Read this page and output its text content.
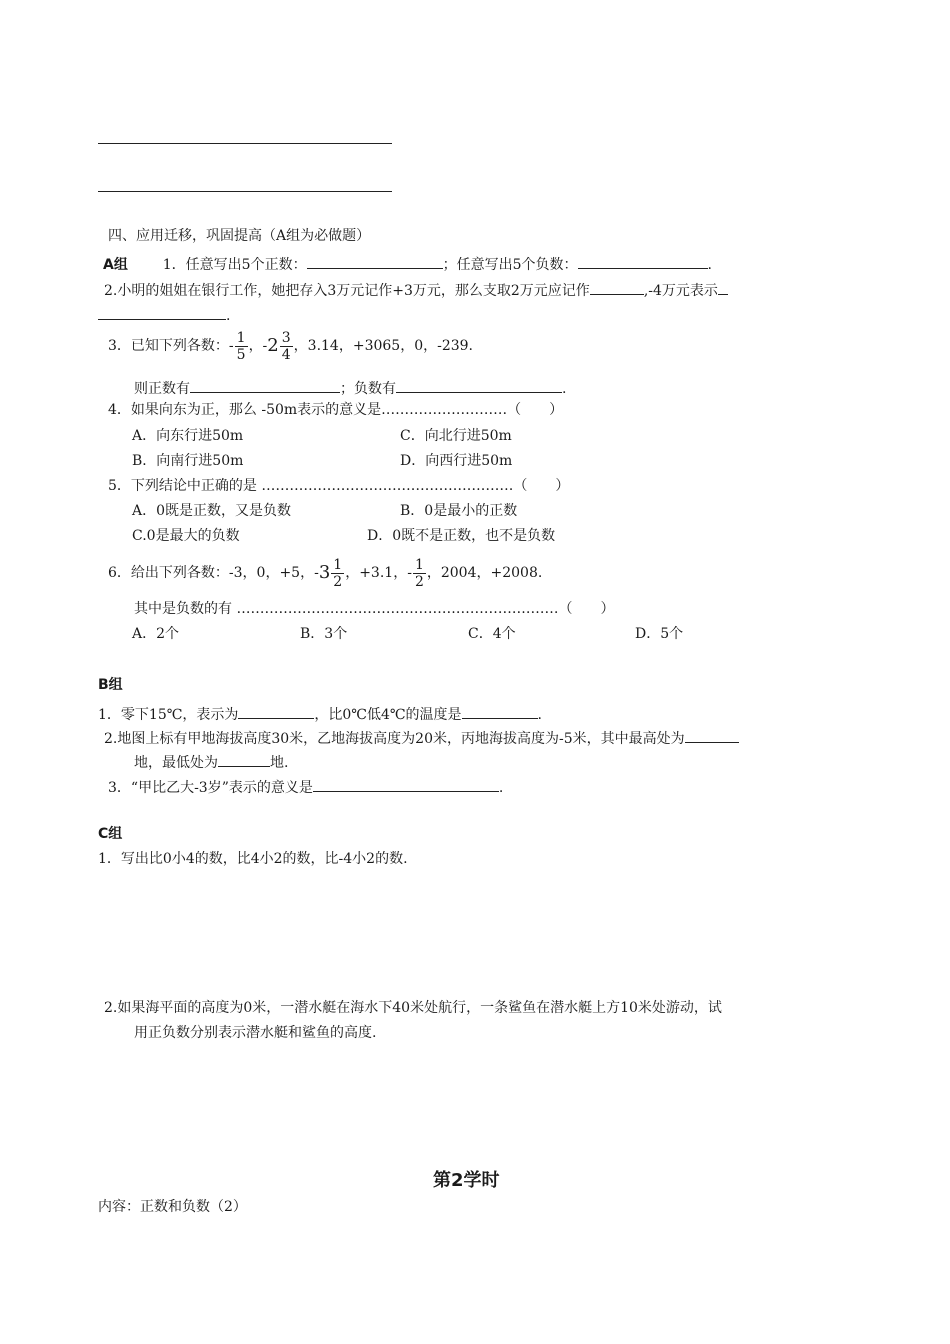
四、应用迁移，巩固提高（A组为必做题）
A组 1．任意写出5个正数：	；任意写出5个负数：	.
2.小明的姐姐在银行工作，她把存入3万元记作+3万元，那么支取2万元应记作	,-4万元表示
.
3．已知下列各数：- $\frac{1}{5}$ ，$-2 \frac{3}{4}$ ，3.14，+3065，0，-239.
则正数有	；负数有	.
4．如果向东为正，那么 -50m表示的意义是………………………（　　）
A．向东行进50m	C．向北行进50m
B．向南行进50m	D．向西行进50m
5．下列结论中正确的是 ………………………………………………（　　）
A．0既是正数，又是负数	B．0是最小的正数
C.0是最大的负数	D．0既不是正数，也不是负数
6．给出下列各数：-3，0，+5，$-3 \frac{1}{2}$ ，+3.1，- $\frac{1}{2}$ ，2004，+2008.
其中是负数的有 ……………………………………………………………（　　）
A．2个	B．3个	C．4个	D．5个
B组
1．零下15℃，表示为	，比0℃低4℃的温度是	.
2.地图上标有甲地海拔高度30米，乙地海拔高度为20米，丙地海拔高度为-5米，其中最高处为
地，最低处为	地.
3．“甲比乙大-3岁”表示的意义是	.
C组
1．写出比0小4的数，比4小2的数，比-4小2的数.
2.如果海平面的高度为0米，一潜水艇在海水下40米处航行，一条鲨鱼在潜水艇上方10米处游动，试
用正负数分别表示潜水艇和鲨鱼的高度.
第2学时
内容：正数和负数（2）
